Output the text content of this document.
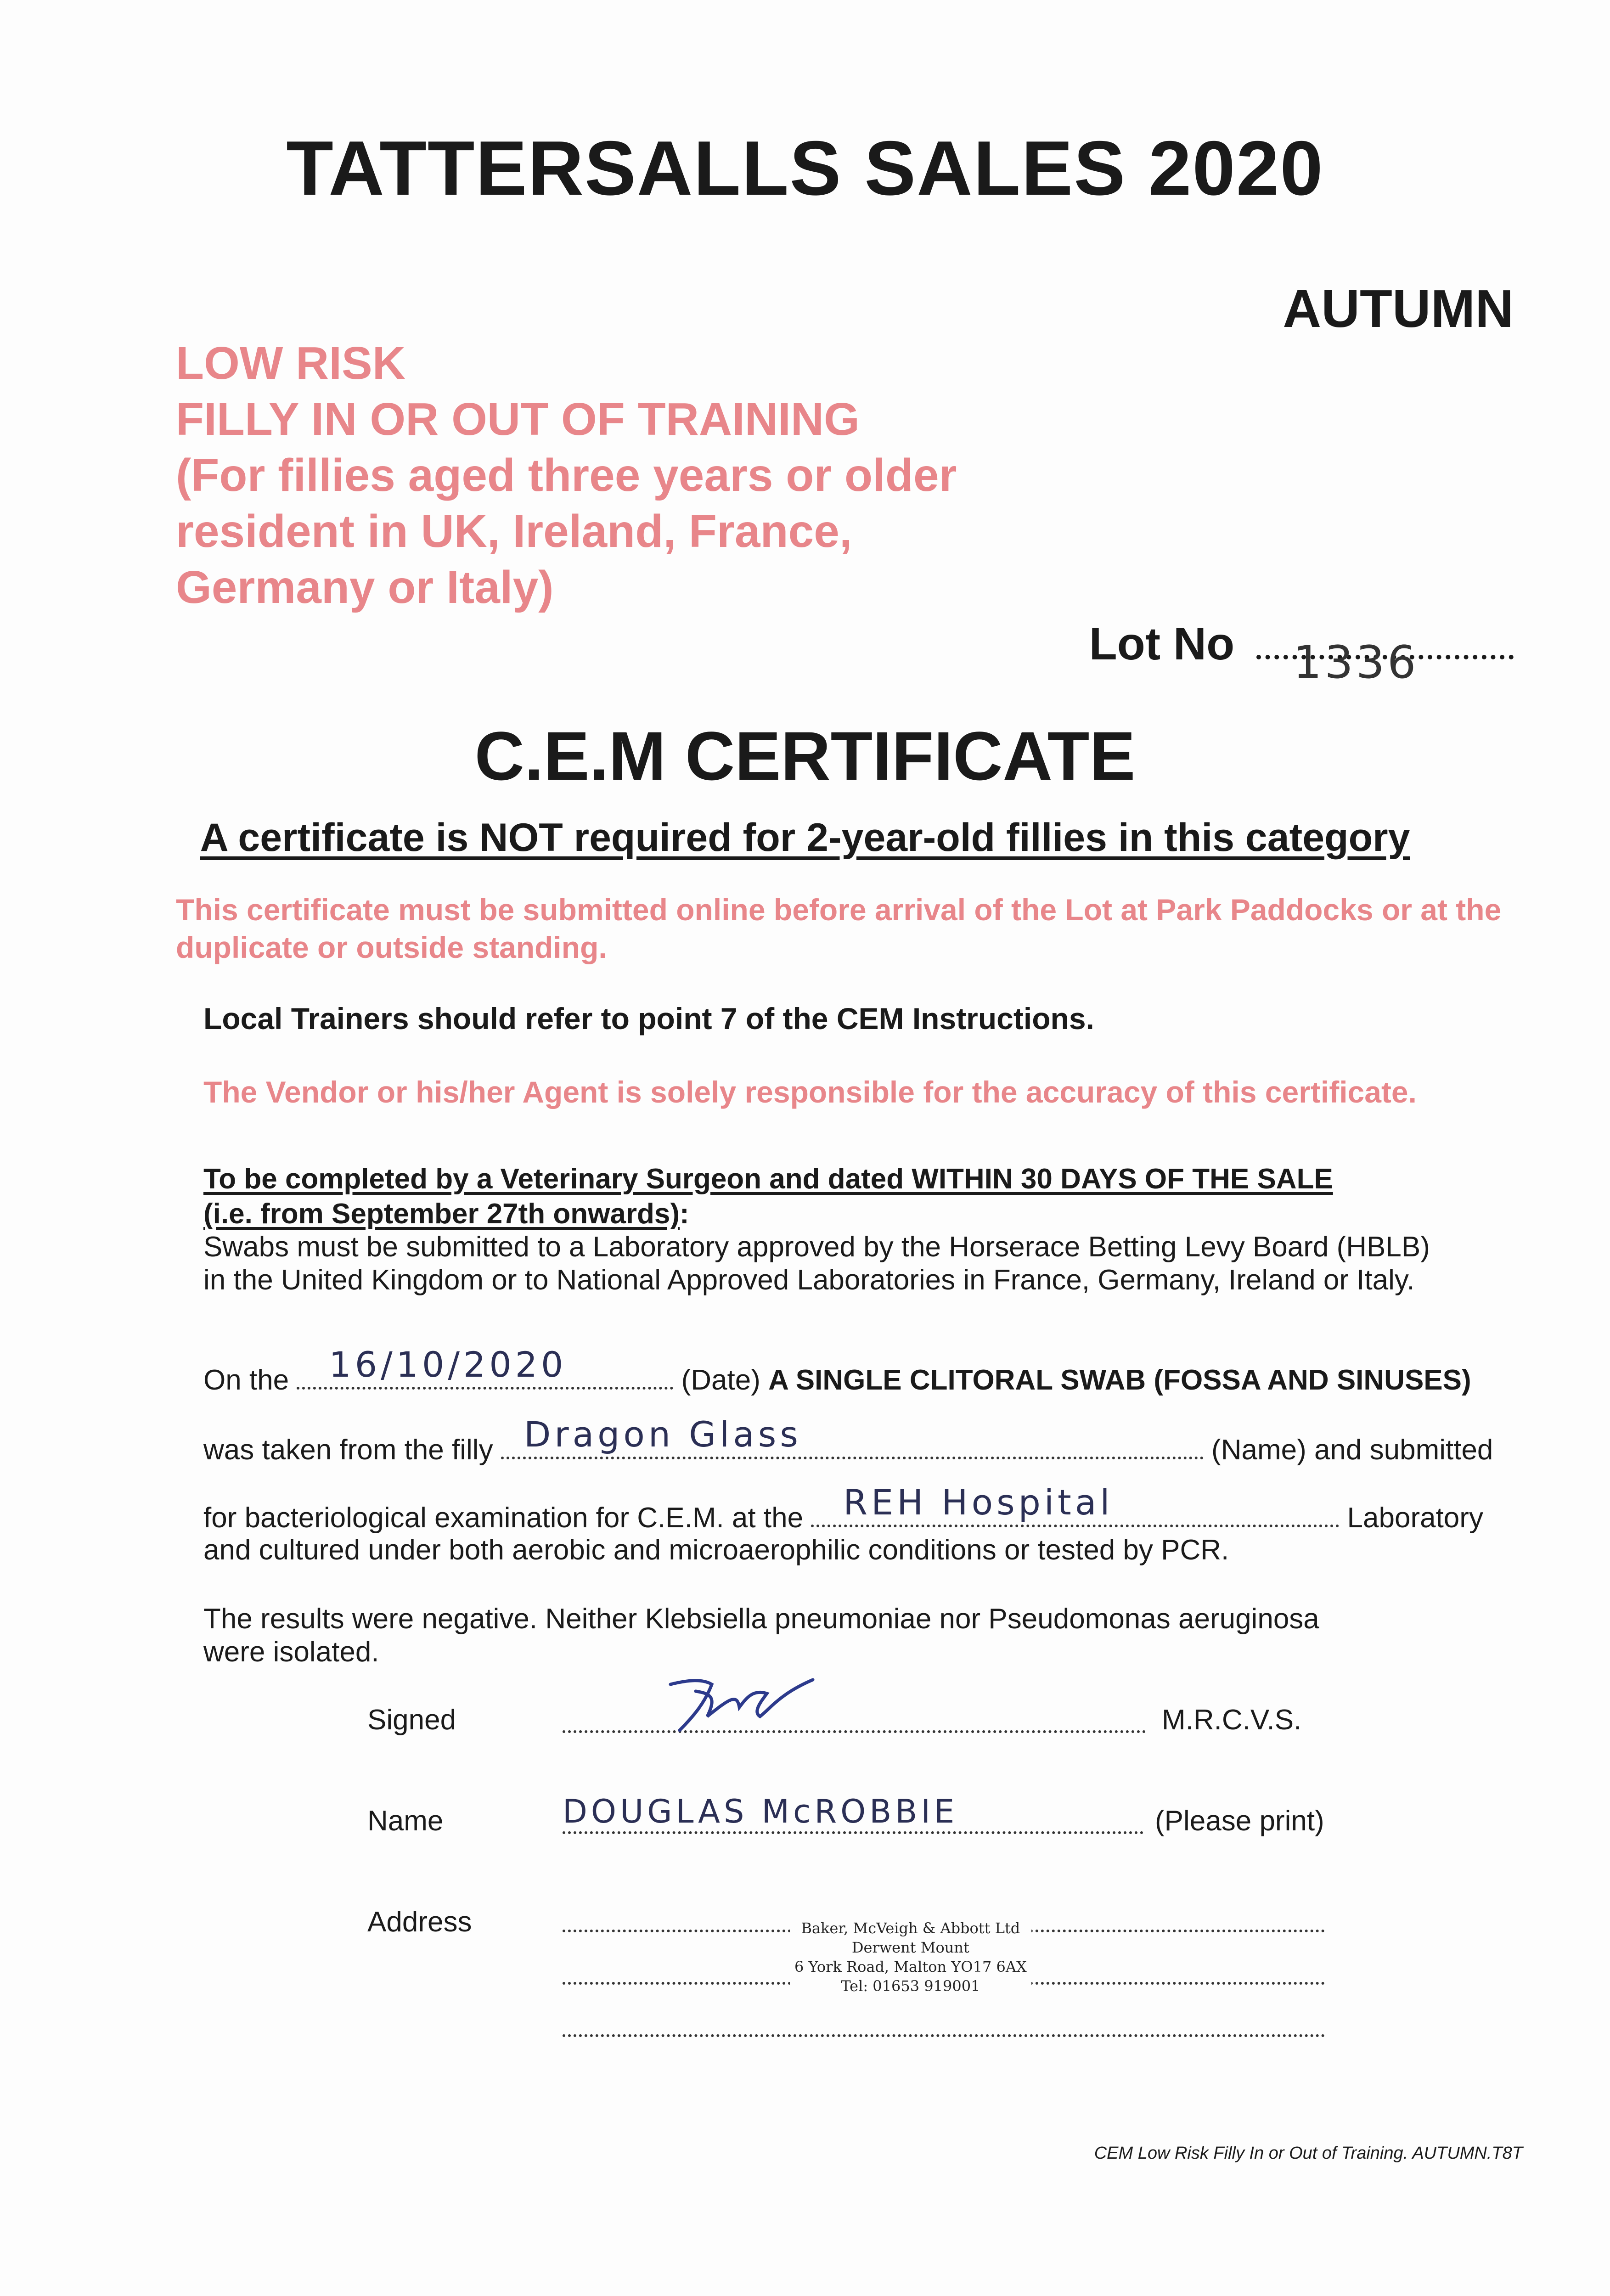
TATTERSALLS SALES 2020
AUTUMN
LOW RISK
FILLY IN OR OUT OF TRAINING
(For fillies aged three years or older
resident in UK, Ireland, France,
Germany or Italy)
Lot No 1336
C.E.M CERTIFICATE
A certificate is NOT required for 2-year-old fillies in this category
This certificate must be submitted online before arrival of the Lot at Park Paddocks or at the duplicate or outside standing.
Local Trainers should refer to point 7 of the CEM Instructions.
The Vendor or his/her Agent is solely responsible for the accuracy of this certificate.
To be completed by a Veterinary Surgeon and dated WITHIN 30 DAYS OF THE SALE
(i.e. from September 27th onwards):
Swabs must be submitted to a Laboratory approved by the Horserace Betting Levy Board (HBLB)
in the United Kingdom or to National Approved Laboratories in France, Germany, Ireland or Italy.
On the 16/10/2020	(Date) A SINGLE CLITORAL SWAB (FOSSA AND SINUSES)
was taken from the filly Dragon Glass	(Name) and submitted
for bacteriological examination for C.E.M. at the REH Hospital	Laboratory
and cultured under both aerobic and microaerophilic conditions or tested by PCR.
The results were negative. Neither Klebsiella pneumoniae nor Pseudomonas aeruginosa
were isolated.
Signed	M.R.C.V.S.
Name	DOUGLAS McROBBIE	(Please print)
Address	Baker, McVeigh & Abbott Ltd
Derwent Mount
6 York Road, Malton YO17 6AX
Tel: 01653 919001
CEM Low Risk Filly In or Out of Training. AUTUMN.T8T
